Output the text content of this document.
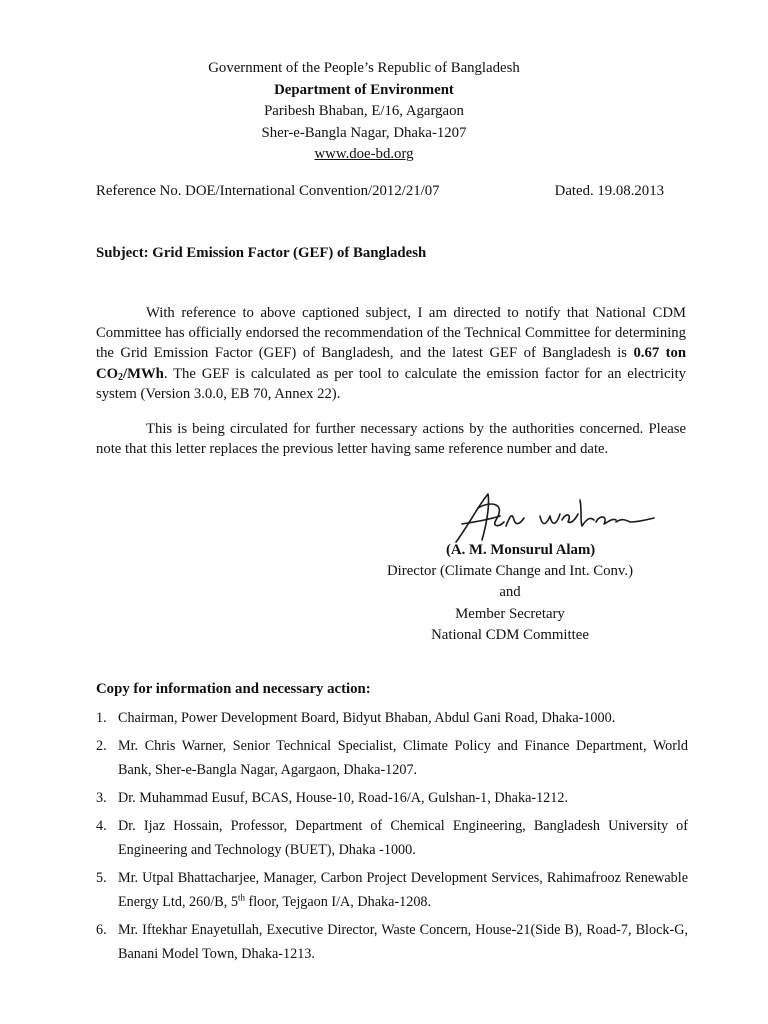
Government of the People’s Republic of Bangladesh
Department of Environment
Paribesh Bhaban, E/16, Agargaon
Sher-e-Bangla Nagar, Dhaka-1207
www.doe-bd.org
Reference No. DOE/International Convention/2012/21/07	Dated. 19.08.2013
Subject: Grid Emission Factor (GEF) of Bangladesh
With reference to above captioned subject, I am directed to notify that National CDM Committee has officially endorsed the recommendation of the Technical Committee for determining the Grid Emission Factor (GEF) of Bangladesh, and the latest GEF of Bangladesh is 0.67 ton $CO_2$/MWh. The GEF is calculated as per tool to calculate the emission factor for an electricity system (Version 3.0.0, EB 70, Annex 22).
This is being circulated for further necessary actions by the authorities concerned. Please note that this letter replaces the previous letter having same reference number and date.
(A. M. Monsurul Alam)
Director (Climate Change and Int. Conv.)
and
Member Secretary
National CDM Committee
Copy for information and necessary action:
1. Chairman, Power Development Board, Bidyut Bhaban, Abdul Gani Road, Dhaka-1000.
2. Mr. Chris Warner, Senior Technical Specialist, Climate Policy and Finance Department, World Bank, Sher-e-Bangla Nagar, Agargaon, Dhaka-1207.
3. Dr. Muhammad Eusuf, BCAS, House-10, Road-16/A, Gulshan-1, Dhaka-1212.
4. Dr. Ijaz Hossain, Professor, Department of Chemical Engineering, Bangladesh University of Engineering and Technology (BUET), Dhaka -1000.
5. Mr. Utpal Bhattacharjee, Manager, Carbon Project Development Services, Rahimafrooz Renewable Energy Ltd, 260/B, 5th floor, Tejgaon I/A, Dhaka-1208.
6. Mr. Iftekhar Enayetullah, Executive Director, Waste Concern, House-21(Side B), Road-7, Block-G, Banani Model Town, Dhaka-1213.
